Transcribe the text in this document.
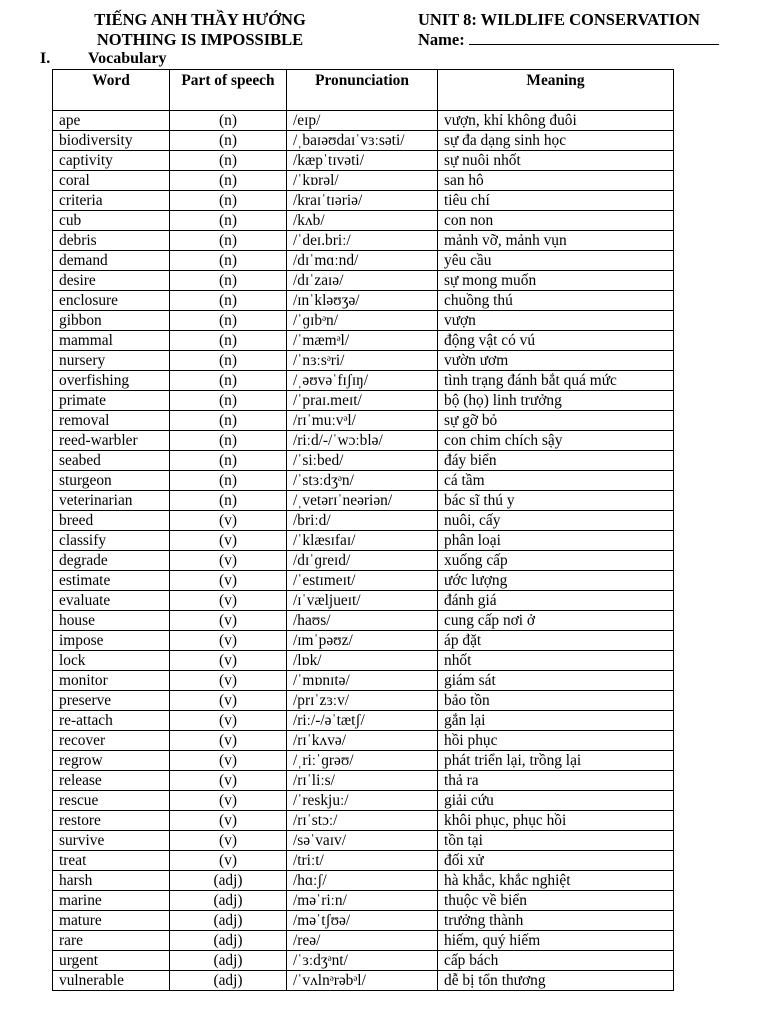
TIẾNG ANH THẦY HƯỚNG
NOTHING IS IMPOSSIBLE
UNIT 8: WILDLIFE CONSERVATION
Name:
I. Vocabulary
Word	Part of speech	Pronunciation	Meaning
ape	(n)	/eɪp/	vượn, khỉ không đuôi
biodiversity	(n)	/ˌbaɪəʊdaɪˈvɜːsəti/	sự đa dạng sinh học
captivity	(n)	/kæpˈtɪvəti/	sự nuôi nhốt
coral	(n)	/ˈkɒrəl/	san hô
criteria	(n)	/kraɪˈtɪəriə/	tiêu chí
cub	(n)	/kʌb/	con non
debris	(n)	/ˈdeɪ.briː/	mảnh vỡ, mảnh vụn
demand	(n)	/dɪˈmɑːnd/	yêu cầu
desire	(n)	/dɪˈzaɪə/	sự mong muốn
enclosure	(n)	/ɪnˈkləʊʒə/	chuồng thú
gibbon	(n)	/ˈɡɪbᵊn/	vượn
mammal	(n)	/ˈmæmᵊl/	động vật có vú
nursery	(n)	/ˈnɜːsᵊri/	vườn ươm
overfishing	(n)	/ˌəʊvəˈfɪʃɪŋ/	tình trạng đánh bắt quá mức
primate	(n)	/ˈpraɪ.meɪt/	bộ (họ) linh trưởng
removal	(n)	/rɪˈmuːvᵊl/	sự gỡ bỏ
reed-warbler	(n)	/riːd/-/ˈwɔːblə/	con chim chích sậy
seabed	(n)	/ˈsiːbed/	đáy biển
sturgeon	(n)	/ˈstɜːdʒᵊn/	cá tầm
veterinarian	(n)	/ˌvetərɪˈneəriən/	bác sĩ thú y
breed	(v)	/briːd/	nuôi, cấy
classify	(v)	/ˈklæsɪfaɪ/	phân loại
degrade	(v)	/dɪˈɡreɪd/	xuống cấp
estimate	(v)	/ˈestɪmeɪt/	ước lượng
evaluate	(v)	/ɪˈvæljueɪt/	đánh giá
house	(v)	/haʊs/	cung cấp nơi ở
impose	(v)	/ɪmˈpəʊz/	áp đặt
lock	(v)	/lɒk/	nhốt
monitor	(v)	/ˈmɒnɪtə/	giám sát
preserve	(v)	/prɪˈzɜːv/	bảo tồn
re-attach	(v)	/riː/-/əˈtætʃ/	gắn lại
recover	(v)	/rɪˈkʌvə/	hồi phục
regrow	(v)	/ˌriːˈɡrəʊ/	phát triển lại, trồng lại
release	(v)	/rɪˈliːs/	thả ra
rescue	(v)	/ˈreskjuː/	giải cứu
restore	(v)	/rɪˈstɔː/	khôi phục, phục hồi
survive	(v)	/səˈvaɪv/	tồn tại
treat	(v)	/triːt/	đối xử
harsh	(adj)	/hɑːʃ/	hà khắc, khắc nghiệt
marine	(adj)	/məˈriːn/	thuộc về biển
mature	(adj)	/məˈtʃʊə/	trưởng thành
rare	(adj)	/reə/	hiếm, quý hiếm
urgent	(adj)	/ˈɜːdʒᵊnt/	cấp bách
vulnerable	(adj)	/ˈvʌlnᵊrəbᵊl/	dễ bị tổn thương
